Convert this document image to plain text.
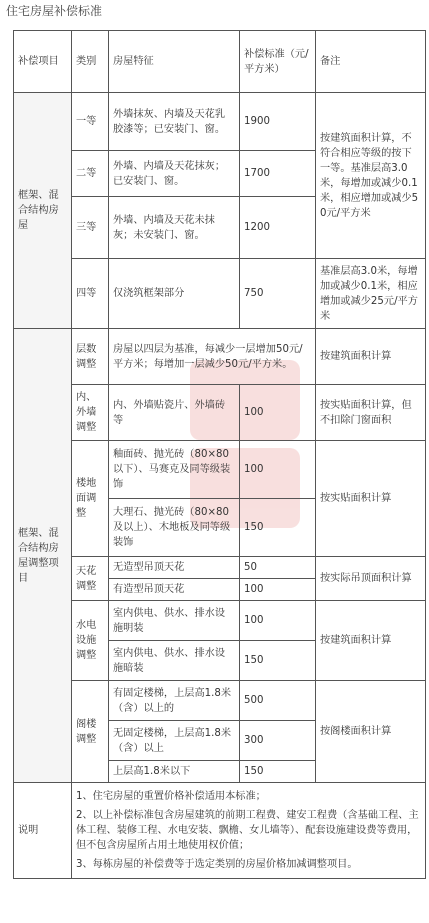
住宅房屋补偿标准
补偿项目	类别	房屋特征	补偿标准（元/平方米）	备注
框架、混合结构房屋	一等	外墙抹灰、内墙及天花乳胶漆等；已安装门、窗。	1900	按建筑面积计算，不符合相应等级的按下一等。基准层高3.0米，每增加或减少0.1米，相应增加或减少50元/平方米
	二等	外墙、内墙及天花抹灰；已安装门、窗。	1700	
	三等	外墙、内墙及天花未抹灰；未安装门、窗。	1200	
	四等	仅浇筑框架部分	750	基准层高3.0米，每增加或减少0.1米，相应增加或减少25元/平方米
框架、混合结构房屋调整项目	层数调整	房屋以四层为基准，每减少一层增加50元/平方米；每增加一层减少50元/平方米。		按建筑面积计算
	内、外墙调整	内、外墙贴瓷片、外墙砖等	100	按实贴面积计算，但不扣除门窗面积
	楼地面调整	釉面砖、抛光砖（80×80以下）、马赛克及同等级装饰	100	按实贴面积计算
		大理石、抛光砖（80×80及以上）、木地板及同等级装饰	150	
	天花调整	无造型吊顶天花	50	按实际吊顶面积计算
		有造型吊顶天花	100	
	水电设施调整	室内供电、供水、排水设施明装	100	按建筑面积计算
		室内供电、供水、排水设施暗装	150	
	阁楼调整	有固定楼梯，上层高1.8米（含）以上的	500	按阁楼面积计算
		无固定楼梯，上层高1.8米（含）以上	300	
		上层高1.8米以下	150	

说明	1、住宅房屋的重置价格补偿适用本标准；
2、以上补偿标准包含房屋建筑的前期工程费、建安工程费（含基础工程、主体工程、装修工程、水电安装、飘檐、女儿墙等）、配套设施建设费等费用，但不包含房屋所占用土地使用权价值；
3、每栋房屋的补偿费等于选定类别的房屋价格加减调整项目。			
